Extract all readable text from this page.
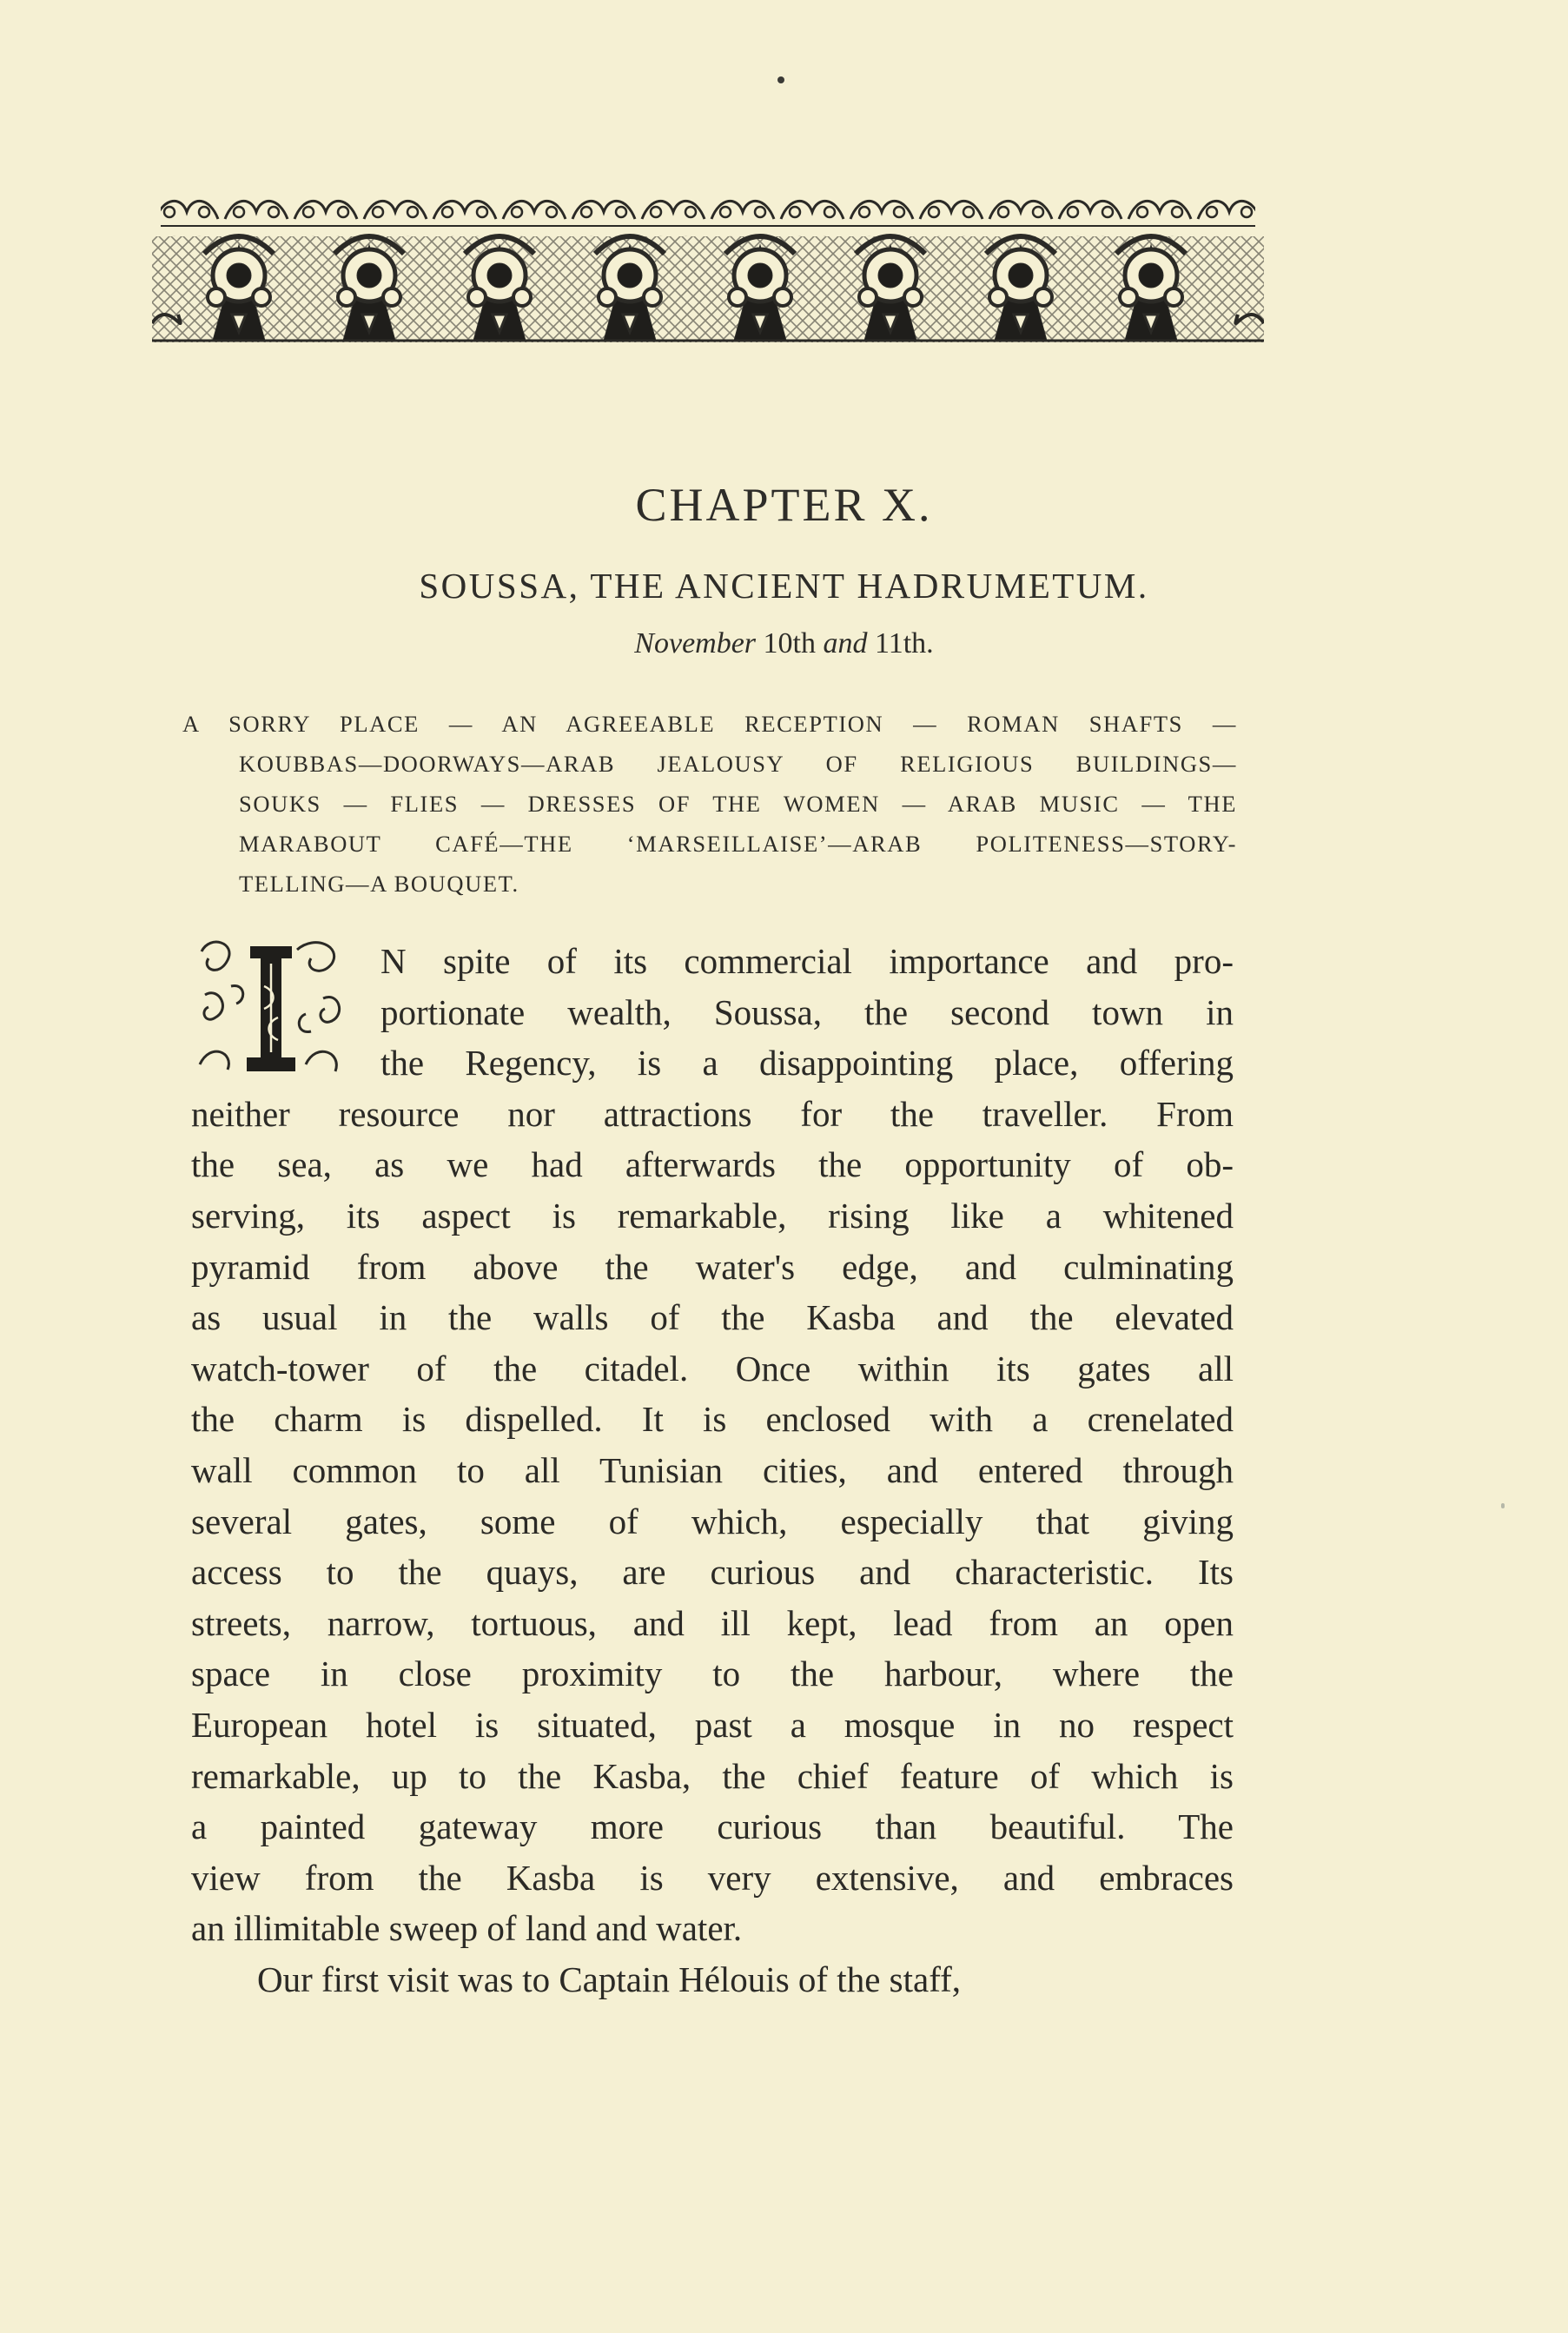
CHAPTER X.
SOUSSA, THE ANCIENT HADRUMETUM.
November 10th and 11th.
A SORRY PLACE — AN AGREEABLE RECEPTION — ROMAN SHAFTS —
KOUBBAS—DOORWAYS—ARAB JEALOUSY OF RELIGIOUS BUILDINGS—
SOUKS — FLIES — DRESSES OF THE WOMEN — ARAB MUSIC — THE
MARABOUT CAFÉ—THE ‘MARSEILLAISE’—ARAB POLITENESS—STORY-
TELLING—A BOUQUET.
N spite of its commercial importance and pro-
portionate wealth, Soussa, the second town in
the Regency, is a disappointing place, offering
neither resource nor attractions for the traveller. From
the sea, as we had afterwards the opportunity of ob-
serving, its aspect is remarkable, rising like a whitened
pyramid from above the water's edge, and culminating
as usual in the walls of the Kasba and the elevated
watch-tower of the citadel. Once within its gates all
the charm is dispelled. It is enclosed with a crenelated
wall common to all Tunisian cities, and entered through
several gates, some of which, especially that giving
access to the quays, are curious and characteristic. Its
streets, narrow, tortuous, and ill kept, lead from an open
space in close proximity to the harbour, where the
European hotel is situated, past a mosque in no respect
remarkable, up to the Kasba, the chief feature of which is
a painted gateway more curious than beautiful. The
view from the Kasba is very extensive, and embraces
an illimitable sweep of land and water.
Our first visit was to Captain Hélouis of the staff,
